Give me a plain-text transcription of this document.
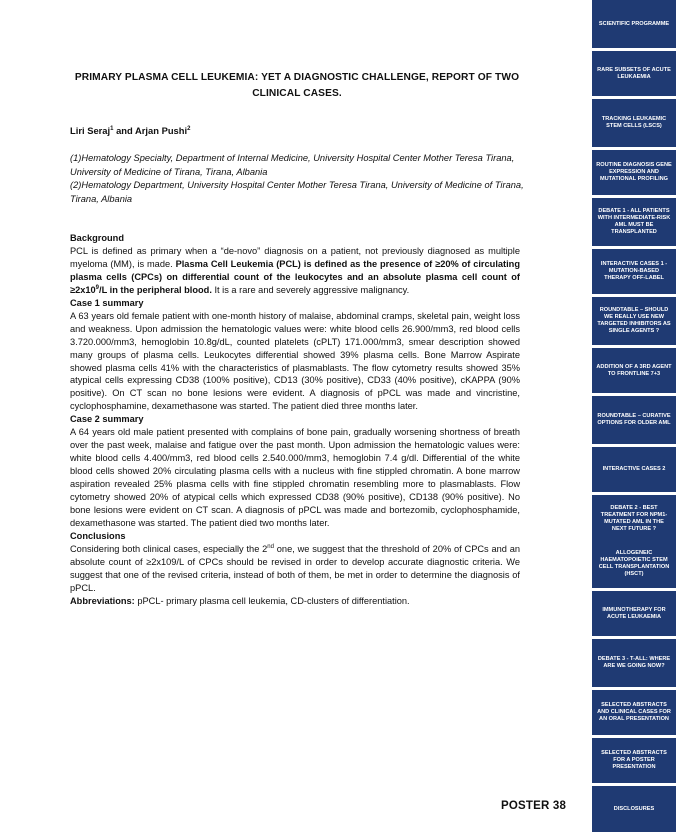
PRIMARY PLASMA CELL LEUKEMIA: YET A DIAGNOSTIC CHALLENGE, REPORT OF TWO CLINICAL CASES.
Liri Seraj$^1$ and Arjan Pushi$^2$

(1)Hematology Specialty, Department of Internal Medicine, University Hospital Center Mother Teresa Tirana, University of Medicine of Tirana, Tirana, Albania

(2)Hematology Department, University Hospital Center Mother Teresa Tirana, University of Medicine of Tirana, Tirana, Albania

Background

PCL is defined as primary when a “de-novo” diagnosis on a patient, not previously diagnosed as multiple myeloma (MM), is made. Plasma Cell Leukemia (PCL) is defined as the presence of ≥20% of circulating plasma cells (CPCs) on differential count of the leukocytes and an absolute plasma cell count of $\ge 2x10^9/L$ in the peripheral blood. It is a rare and severely aggressive malignancy.

Case 1 summary

A 63 years old female patient with one-month history of malaise, abdominal cramps, skeletal pain, weight loss and weakness. Upon admission the hematologic values were: white blood cells 26.900/mm3, red blood cells 3.720.000/mm3, hemoglobin 10.8g/dL, counted platelets (cPLT) 171.000/mm3, smear description showed many groups of plasma cells. Leukocytes differential showed 39% plasma cells. Bone Marrow Aspirate showed plasma cells 41% with the characteristics of plasmablasts. The flow cytometry results showed 35% atypical cells expressing CD38 (100% positive), CD13 (30% positive), CD33 (40% positive), cKAPPA (90% positive). On CT scan no bone lesions were evident. A diagnosis of pPCL was made and vincristine, cyclophosphamine, dexamethasone was started. The patient died three months later.

Case 2 summary

A 64 years old male patient presented with complains of bone pain, gradually worsening shortness of breath over the past week, malaise and fatigue over the past month. Upon admission the hematologic values were: white blood cells 4.400/mm3, red blood cells 2.540.000/mm3, hemoglobin 7.4 g/dl. Differential of the white blood cells showed 20% circulating plasma cells with a nucleus with fine stippled chromatin. A bone marrow aspiration revealed 25% plasma cells with fine stippled chromatin resembling more to plasmablasts. Flow cytometry showed 20% of atypical cells which expressed CD38 (90% positive), CD138 (90% positive). No bone lesions were evident on CT scan. A diagnosis of pPCL was made and bortezomib, cyclophosphamide, dexamethasone was started. The patient died two months later.

Conclusions

Considering both clinical cases, especially the 2nd one, we suggest that the threshold of 20% of CPCs and an absolute count of ≥2x109/L of CPCs should be revised in order to develop accurate diagnostic criteria. We suggest that one of the revised criteria, instead of both of them, be met in order to determine the diagnosis of pPCL.

Abbreviations: pPCL- primary plasma cell leukemia, CD-clusters of differentiation.

POSTER 38
SCIENTIFIC PROGRAMME
RARE SUBSETS OF ACUTE LEUKAEMIA
TRACKING LEUKAEMIC STEM CELLS (LSCS)
ROUTINE DIAGNOSIS GENE EXPRESSION AND MUTATIONAL PROFILING
DEBATE 1 - ALL PATIENTS WITH INTERMEDIATE-RISK AML MUST BE TRANSPLANTED
INTERACTIVE CASES 1 - MUTATION-BASED THERAPY OFF-LABEL
ROUNDTABLE – SHOULD WE REALLY USE NEW TARGETED INHIBITORS AS SINGLE AGENTS ?
ADDITION OF A 3RD AGENT TO FRONTLINE 7+3
ROUNDTABLE – CURATIVE OPTIONS FOR OLDER AML
INTERACTIVE CASES 2
DEBATE 2 - BEST TREATMENT FOR NPM1-MUTATED AML IN THE NEXT FUTURE ?
ALLOGENEIC HAEMATOPOIETIC STEM CELL TRANSPLANTATION (HSCT)
IMMUNOTHERAPY FOR ACUTE LEUKAEMIA
DEBATE 3 - T-ALL: WHERE ARE WE GOING NOW?
SELECTED ABSTRACTS AND CLINICAL CASES FOR AN ORAL PRESENTATION
SELECTED ABSTRACTS FOR A POSTER PRESENTATION
DISCLOSURES
